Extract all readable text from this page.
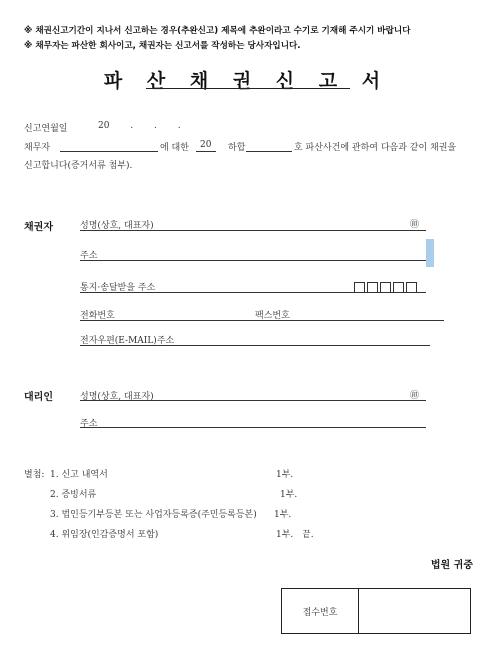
※ 채권신고기간이 지나서 신고하는 경우(추완신고) 제목에 추완이라고 수기로 기재해 주시기 바랍니다
※ 채무자는 파산한 회사이고, 채권자는 신고서를 작성하는 당사자입니다.
파 산 채 권 신 고 서
신고연월일	20 . . .
채무자	에 대한 20 하합	호 파산사건에 관하여 다음과 같이 채권을
신고합니다(증거서류 첨부).
채권자	성명(상호, 대표자)	㊞
주소
통지·송달받을 주소
전화번호	팩스번호
전자우편(E-MAIL)주소
대리인	성명(상호, 대표자)	㊞
주소
별첨: 1. 신고 내역서	1부.
2. 증빙서류	1부.
3. 법인등기부등본 또는 사업자등록증(주민등록등본) 1부.
4. 위임장(인감증명서 포함)	1부. 끝.
법원 귀중
접수번호	
